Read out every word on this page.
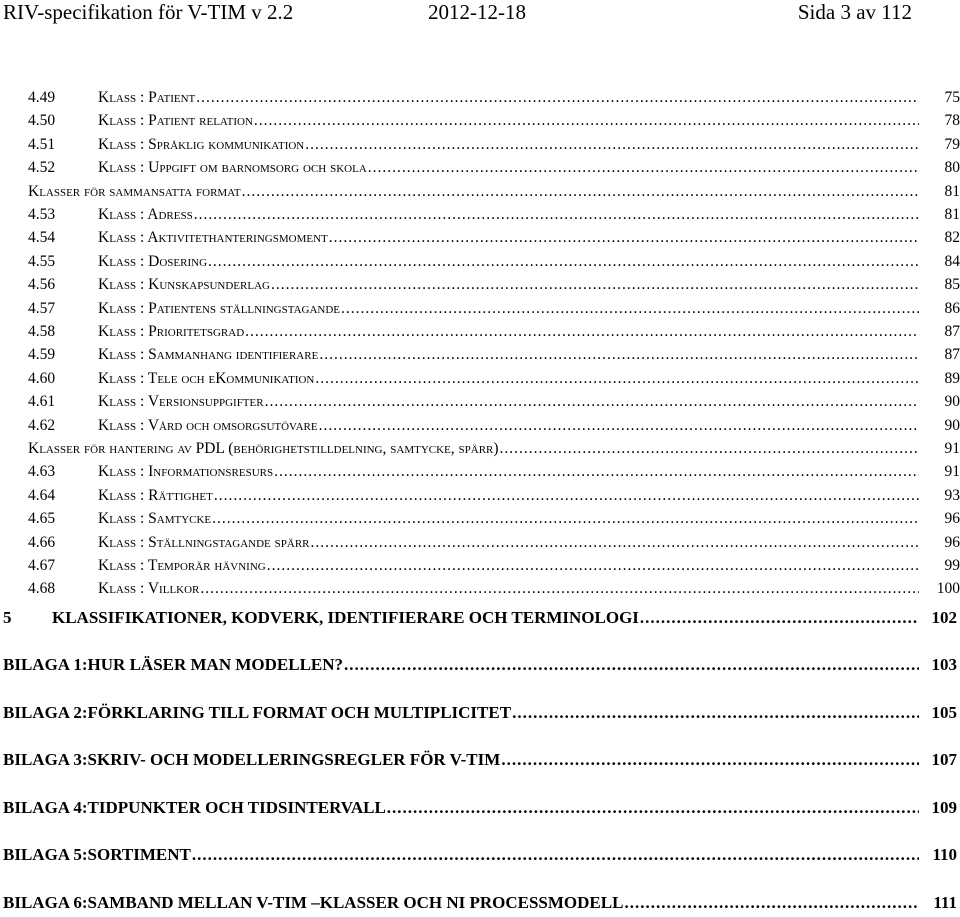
RIV-specifikation för V-TIM v 2.2	2012-12-18	Sida 3 av 112
4.49	Klass : Patient .....	75
4.50	Klass : Patient relation .....	78
4.51	Klass : Språklig kommunikation .....	79
4.52	Klass : Uppgift om barnomsorg och skola .....	80
Klasser för sammansatta format .....	81
4.53	Klass : Adress .....	81
4.54	Klass : Aktivitethanteringsmoment .....	82
4.55	Klass : Dosering .....	84
4.56	Klass : Kunskapsunderlag .....	85
4.57	Klass : Patientens ställningstagande .....	86
4.58	Klass : Prioritetsgrad .....	87
4.59	Klass : Sammanhang identifierare .....	87
4.60	Klass : Tele och eKommunikation .....	89
4.61	Klass : Versionsuppgifter .....	90
4.62	Klass : Vård och omsorgsutövare .....	90
Klasser för hantering av PDL (behörighetstilldelning, samtycke, spärr) .....	91
4.63	Klass : Informationsresurs .....	91
4.64	Klass : Rättighet .....	93
4.65	Klass : Samtycke .....	96
4.66	Klass : Ställningstagande spärr .....	96
4.67	Klass : Temporär hävning .....	99
4.68	Klass : Villkor .....	100
5 KLASSIFIKATIONER, KODVERK, IDENTIFIERARE OCH TERMINOLOGI .....	102
BILAGA 1: HUR LÄSER MAN MODELLEN? .....	103
BILAGA 2: FÖRKLARING TILL FORMAT OCH MULTIPLICITET .....	105
BILAGA 3: SKRIV- OCH MODELLERINGSREGLER FÖR V-TIM .....	107
BILAGA 4: TIDPUNKTER OCH TIDSINTERVALL .....	109
BILAGA 5: SORTIMENT .....	110
BILAGA 6: SAMBAND MELLAN V-TIM –KLASSER OCH NI PROCESSMODELL .....	111
